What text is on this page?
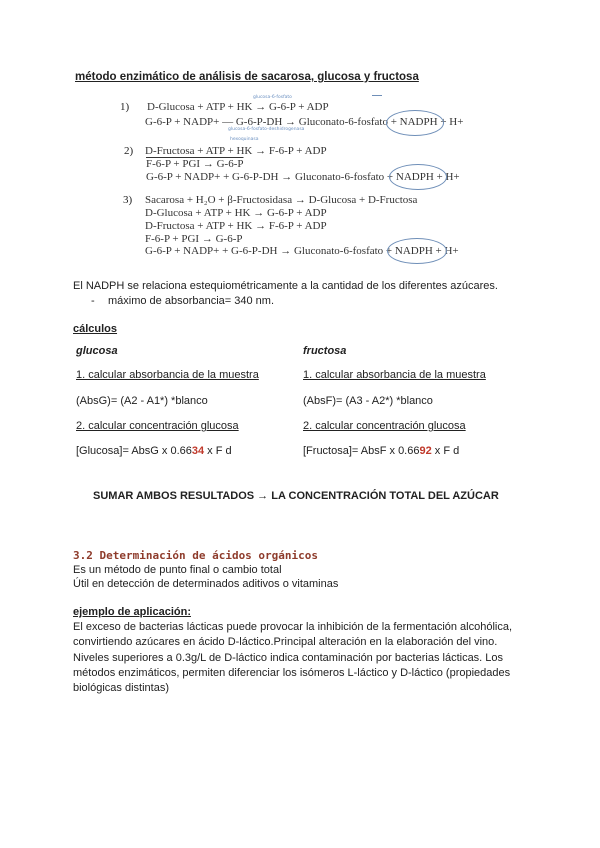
método enzimático de análisis de sacarosa, glucosa y fructosa
1)
glucosa-6-fosfato
D-Glucosa + ATP + HK → G-6-P + ADP
G-6-P + NADP+ — G-6-P-DH → Gluconato-6-fosfato + NADPH + H+
glucosa-6-fosfato-deshidrogenasa
hexoquinasa
2) D-Fructosa + ATP + HK → F-6-P + ADP
F-6-P + PGI → G-6-P
G-6-P + NADP+ + G-6-P-DH → Gluconato-6-fosfato + NADPH + H+
3) Sacarosa + H₂O + β-Fructosidasa → D-Glucosa + D-Fructosa
D-Glucosa + ATP + HK → G-6-P + ADP
D-Fructosa + ATP + HK → F-6-P + ADP
F-6-P + PGI → G-6-P
G-6-P + NADP+ + G-6-P-DH → Gluconato-6-fosfato + NADPH + H+
El NADPH se relaciona estequiométricamente a la cantidad de los diferentes azúcares.
- máximo de absorbancia= 340 nm.
cálculos
glucosa
1. calcular absorbancia de la muestra
(AbsG)= (A2 - A1*) *blanco
2. calcular concentración glucosa
[Glucosa]= AbsG x 0.6634 x F d
fructosa
1. calcular absorbancia de la muestra
(AbsF)= (A3 - A2*) *blanco
2. calcular concentración glucosa
[Fructosa]= AbsF x 0.6692 x F d
SUMAR AMBOS RESULTADOS → LA CONCENTRACIÓN TOTAL DEL AZÚCAR
3.2 Determinación de ácidos orgánicos
Es un método de punto final o cambio total
Útil en detección de determinados aditivos o vitaminas
ejemplo de aplicación:
El exceso de bacterias lácticas puede provocar la inhibición de la fermentación alcohólica,
convirtiendo azúcares en ácido D-láctico.Principal alteración en la elaboración del vino.
Niveles superiores a 0.3g/L de D-láctico indica contaminación por bacterias lácticas. Los
métodos enzimáticos, permiten diferenciar los isómeros L-láctico y D-láctico (propiedades
biológicas distintas)
